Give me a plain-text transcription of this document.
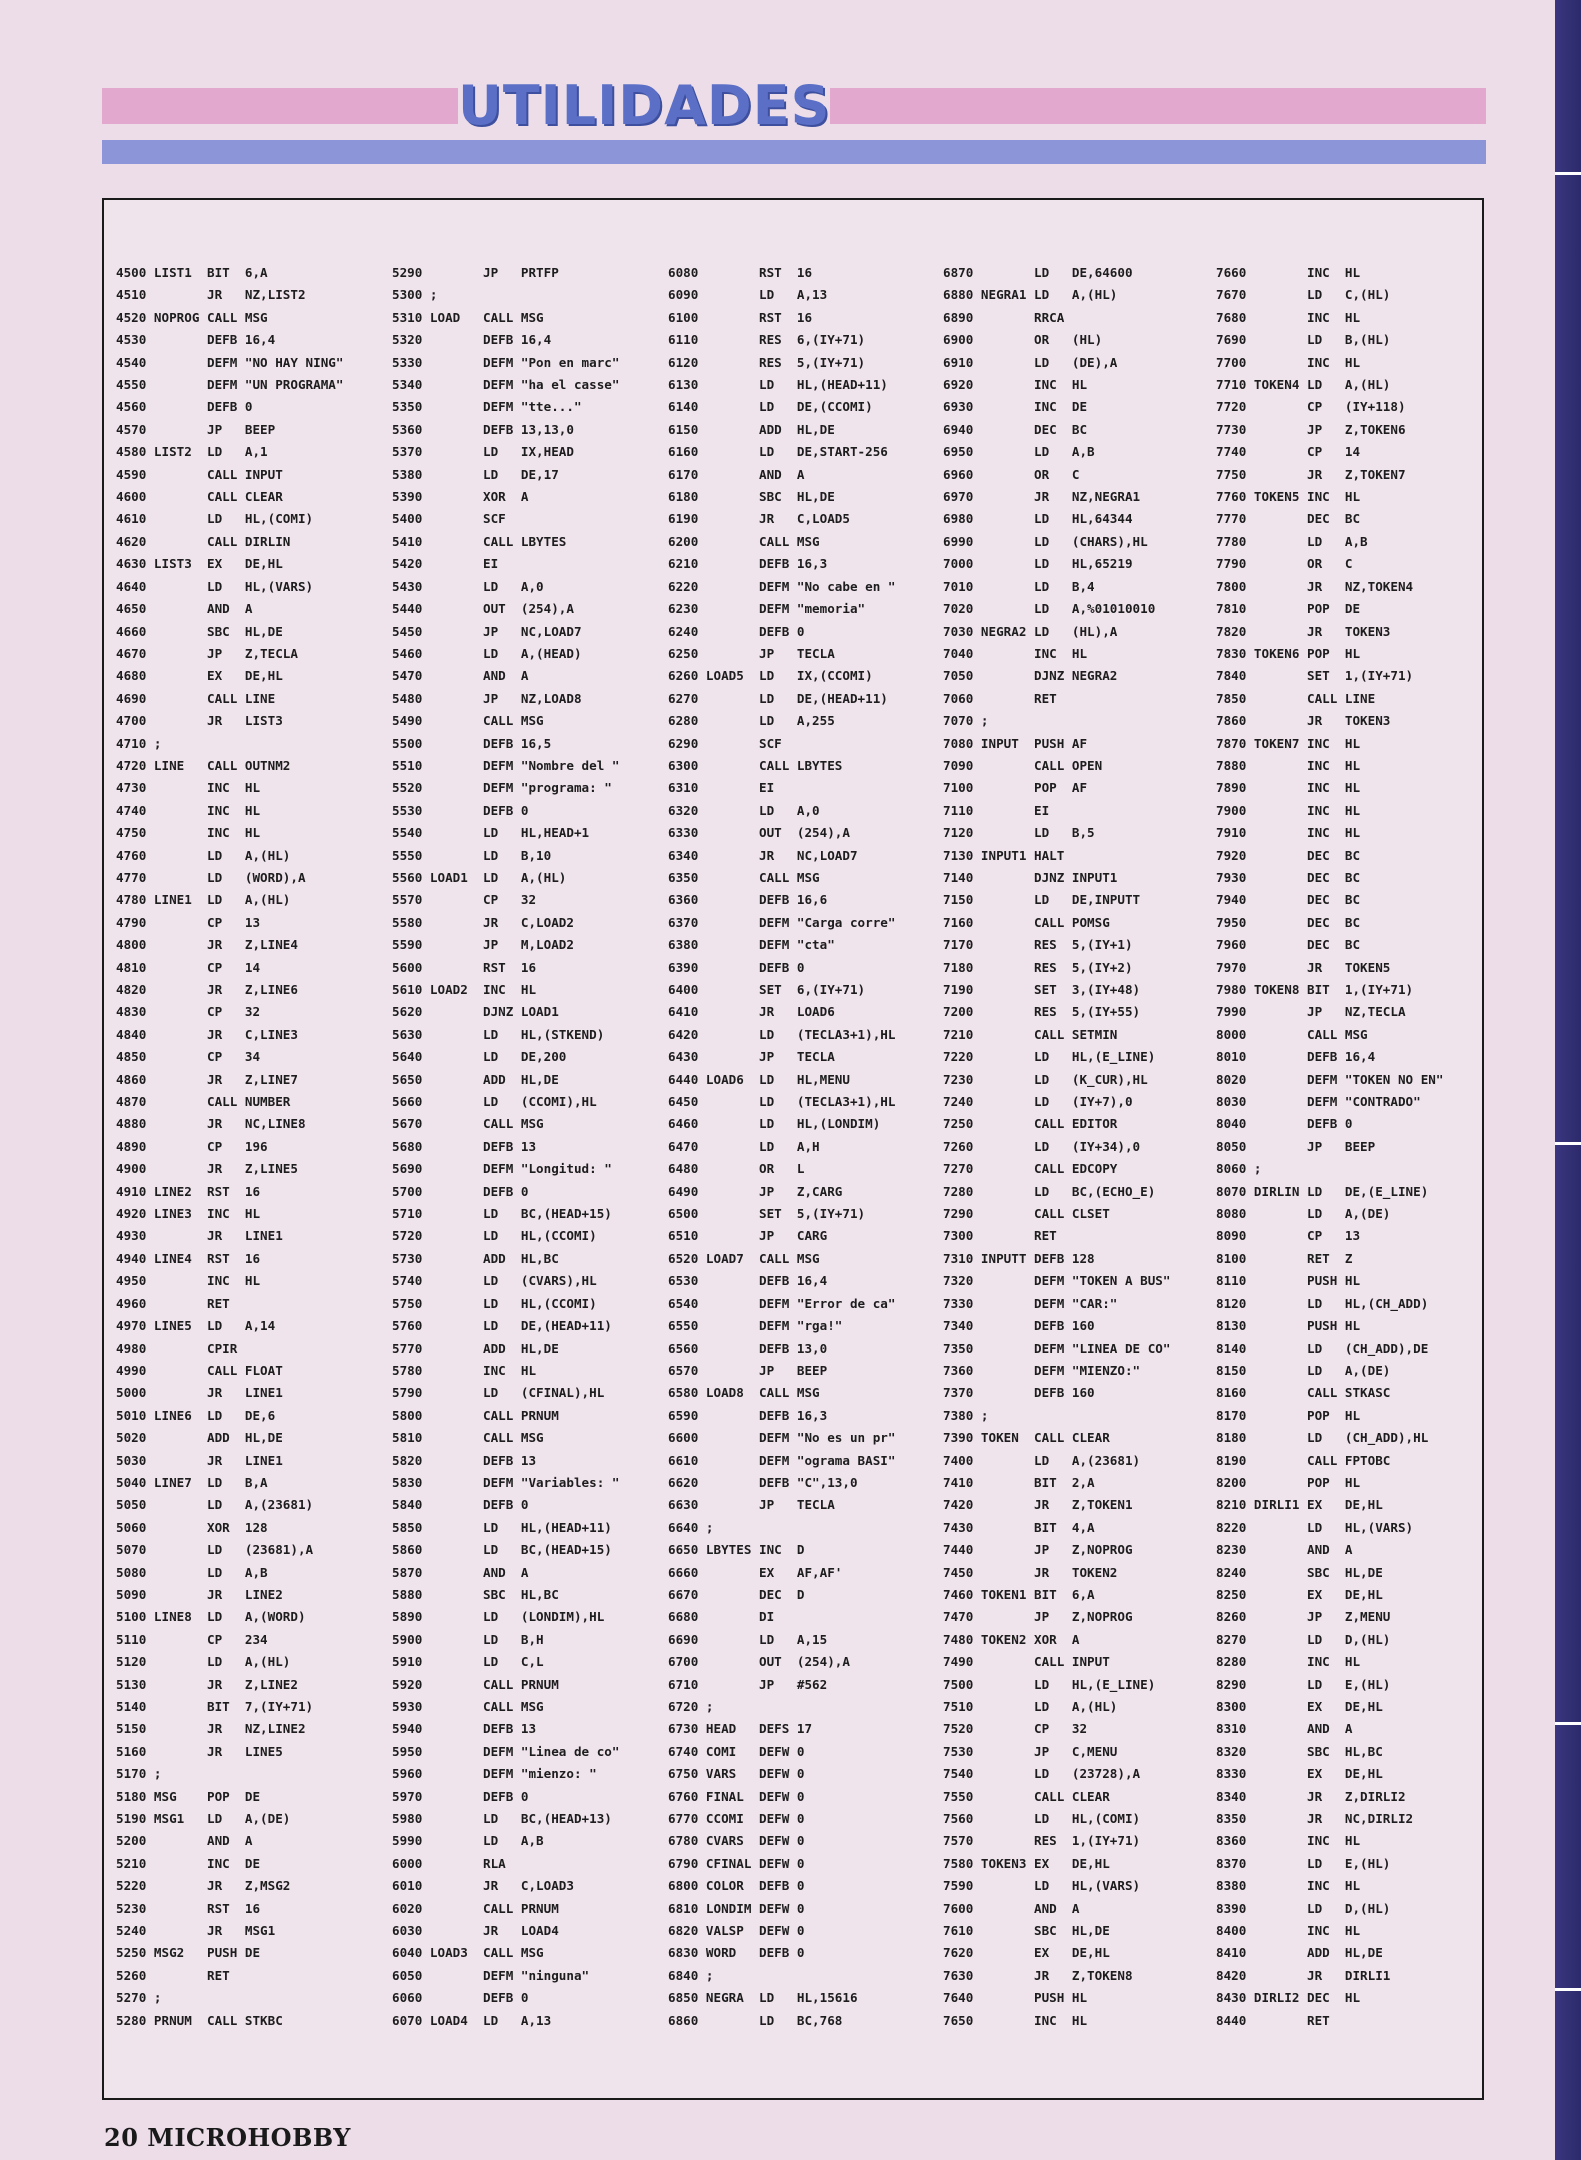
UTILIDADES
4500 LIST1  BIT  6,A
4510        JR   NZ,LIST2
4520 NOPROG CALL MSG
4530        DEFB 16,4
4540        DEFM "NO HAY NING"
4550        DEFM "UN PROGRAMA"
4560        DEFB 0
4570        JP   BEEP
4580 LIST2  LD   A,1
4590        CALL INPUT
4600        CALL CLEAR
4610        LD   HL,(COMI)
4620        CALL DIRLIN
4630 LIST3  EX   DE,HL
4640        LD   HL,(VARS)
4650        AND  A
4660        SBC  HL,DE
4670        JP   Z,TECLA
4680        EX   DE,HL
4690        CALL LINE
4700        JR   LIST3
4710 ;
4720 LINE   CALL OUTNM2
4730        INC  HL
4740        INC  HL
4750        INC  HL
4760        LD   A,(HL)
4770        LD   (WORD),A
4780 LINE1  LD   A,(HL)
4790        CP   13
4800        JR   Z,LINE4
4810        CP   14
4820        JR   Z,LINE6
4830        CP   32
4840        JR   C,LINE3
4850        CP   34
4860        JR   Z,LINE7
4870        CALL NUMBER
4880        JR   NC,LINE8
4890        CP   196
4900        JR   Z,LINE5
4910 LINE2  RST  16
4920 LINE3  INC  HL
4930        JR   LINE1
4940 LINE4  RST  16
4950        INC  HL
4960        RET
4970 LINE5  LD   A,14
4980        CPIR
4990        CALL FLOAT
5000        JR   LINE1
5010 LINE6  LD   DE,6
5020        ADD  HL,DE
5030        JR   LINE1
5040 LINE7  LD   B,A
5050        LD   A,(23681)
5060        XOR  128
5070        LD   (23681),A
5080        LD   A,B
5090        JR   LINE2
5100 LINE8  LD   A,(WORD)
5110        CP   234
5120        LD   A,(HL)
5130        JR   Z,LINE2
5140        BIT  7,(IY+71)
5150        JR   NZ,LINE2
5160        JR   LINE5
5170 ;
5180 MSG    POP  DE
5190 MSG1   LD   A,(DE)
5200        AND  A
5210        INC  DE
5220        JR   Z,MSG2
5230        RST  16
5240        JR   MSG1
5250 MSG2   PUSH DE
5260        RET
5270 ;
5280 PRNUM  CALL STKBC
5290        JP   PRTFP
5300 ;
5310 LOAD   CALL MSG
5320        DEFB 16,4
5330        DEFM "Pon en marc"
5340        DEFM "ha el casse"
5350        DEFM "tte..."
5360        DEFB 13,13,0
5370        LD   IX,HEAD
5380        LD   DE,17
5390        XOR  A
5400        SCF
5410        CALL LBYTES
5420        EI
5430        LD   A,0
5440        OUT  (254),A
5450        JP   NC,LOAD7
5460        LD   A,(HEAD)
5470        AND  A
5480        JP   NZ,LOAD8
5490        CALL MSG
5500        DEFB 16,5
5510        DEFM "Nombre del "
5520        DEFM "programa: "
5530        DEFB 0
5540        LD   HL,HEAD+1
5550        LD   B,10
5560 LOAD1  LD   A,(HL)
5570        CP   32
5580        JR   C,LOAD2
5590        JP   M,LOAD2
5600        RST  16
5610 LOAD2  INC  HL
5620        DJNZ LOAD1
5630        LD   HL,(STKEND)
5640        LD   DE,200
5650        ADD  HL,DE
5660        LD   (CCOMI),HL
5670        CALL MSG
5680        DEFB 13
5690        DEFM "Longitud: "
5700        DEFB 0
5710        LD   BC,(HEAD+15)
5720        LD   HL,(CCOMI)
5730        ADD  HL,BC
5740        LD   (CVARS),HL
5750        LD   HL,(CCOMI)
5760        LD   DE,(HEAD+11)
5770        ADD  HL,DE
5780        INC  HL
5790        LD   (CFINAL),HL
5800        CALL PRNUM
5810        CALL MSG
5820        DEFB 13
5830        DEFM "Variables: "
5840        DEFB 0
5850        LD   HL,(HEAD+11)
5860        LD   BC,(HEAD+15)
5870        AND  A
5880        SBC  HL,BC
5890        LD   (LONDIM),HL
5900        LD   B,H
5910        LD   C,L
5920        CALL PRNUM
5930        CALL MSG
5940        DEFB 13
5950        DEFM "Linea de co"
5960        DEFM "mienzo: "
5970        DEFB 0
5980        LD   BC,(HEAD+13)
5990        LD   A,B
6000        RLA
6010        JR   C,LOAD3
6020        CALL PRNUM
6030        JR   LOAD4
6040 LOAD3  CALL MSG
6050        DEFM "ninguna"
6060        DEFB 0
6070 LOAD4  LD   A,13
6080        RST  16
6090        LD   A,13
6100        RST  16
6110        RES  6,(IY+71)
6120        RES  5,(IY+71)
6130        LD   HL,(HEAD+11)
6140        LD   DE,(CCOMI)
6150        ADD  HL,DE
6160        LD   DE,START-256
6170        AND  A
6180        SBC  HL,DE
6190        JR   C,LOAD5
6200        CALL MSG
6210        DEFB 16,3
6220        DEFM "No cabe en "
6230        DEFM "memoria"
6240        DEFB 0
6250        JP   TECLA
6260 LOAD5  LD   IX,(CCOMI)
6270        LD   DE,(HEAD+11)
6280        LD   A,255
6290        SCF
6300        CALL LBYTES
6310        EI
6320        LD   A,0
6330        OUT  (254),A
6340        JR   NC,LOAD7
6350        CALL MSG
6360        DEFB 16,6
6370        DEFM "Carga corre"
6380        DEFM "cta"
6390        DEFB 0
6400        SET  6,(IY+71)
6410        JR   LOAD6
6420        LD   (TECLA3+1),HL
6430        JP   TECLA
6440 LOAD6  LD   HL,MENU
6450        LD   (TECLA3+1),HL
6460        LD   HL,(LONDIM)
6470        LD   A,H
6480        OR   L
6490        JP   Z,CARG
6500        SET  5,(IY+71)
6510        JP   CARG
6520 LOAD7  CALL MSG
6530        DEFB 16,4
6540        DEFM "Error de ca"
6550        DEFM "rga!"
6560        DEFB 13,0
6570        JP   BEEP
6580 LOAD8  CALL MSG
6590        DEFB 16,3
6600        DEFM "No es un pr"
6610        DEFM "ograma BASI"
6620        DEFB "C",13,0
6630        JP   TECLA
6640 ;
6650 LBYTES INC  D
6660        EX   AF,AF'
6670        DEC  D
6680        DI
6690        LD   A,15
6700        OUT  (254),A
6710        JP   #562
6720 ;
6730 HEAD   DEFS 17
6740 COMI   DEFW 0
6750 VARS   DEFW 0
6760 FINAL  DEFW 0
6770 CCOMI  DEFW 0
6780 CVARS  DEFW 0
6790 CFINAL DEFW 0
6800 COLOR  DEFB 0
6810 LONDIM DEFW 0
6820 VALSP  DEFW 0
6830 WORD   DEFB 0
6840 ;
6850 NEGRA  LD   HL,15616
6860        LD   BC,768
6870        LD   DE,64600
6880 NEGRA1 LD   A,(HL)
6890        RRCA
6900        OR   (HL)
6910        LD   (DE),A
6920        INC  HL
6930        INC  DE
6940        DEC  BC
6950        LD   A,B
6960        OR   C
6970        JR   NZ,NEGRA1
6980        LD   HL,64344
6990        LD   (CHARS),HL
7000        LD   HL,65219
7010        LD   B,4
7020        LD   A,%01010010
7030 NEGRA2 LD   (HL),A
7040        INC  HL
7050        DJNZ NEGRA2
7060        RET
7070 ;
7080 INPUT  PUSH AF
7090        CALL OPEN
7100        POP  AF
7110        EI
7120        LD   B,5
7130 INPUT1 HALT
7140        DJNZ INPUT1
7150        LD   DE,INPUTT
7160        CALL POMSG
7170        RES  5,(IY+1)
7180        RES  5,(IY+2)
7190        SET  3,(IY+48)
7200        RES  5,(IY+55)
7210        CALL SETMIN
7220        LD   HL,(E_LINE)
7230        LD   (K_CUR),HL
7240        LD   (IY+7),0
7250        CALL EDITOR
7260        LD   (IY+34),0
7270        CALL EDCOPY
7280        LD   BC,(ECHO_E)
7290        CALL CLSET
7300        RET
7310 INPUTT DEFB 128
7320        DEFM "TOKEN A BUS"
7330        DEFM "CAR:"
7340        DEFB 160
7350        DEFM "LINEA DE CO"
7360        DEFM "MIENZO:"
7370        DEFB 160
7380 ;
7390 TOKEN  CALL CLEAR
7400        LD   A,(23681)
7410        BIT  2,A
7420        JR   Z,TOKEN1
7430        BIT  4,A
7440        JP   Z,NOPROG
7450        JR   TOKEN2
7460 TOKEN1 BIT  6,A
7470        JP   Z,NOPROG
7480 TOKEN2 XOR  A
7490        CALL INPUT
7500        LD   HL,(E_LINE)
7510        LD   A,(HL)
7520        CP   32
7530        JP   C,MENU
7540        LD   (23728),A
7550        CALL CLEAR
7560        LD   HL,(COMI)
7570        RES  1,(IY+71)
7580 TOKEN3 EX   DE,HL
7590        LD   HL,(VARS)
7600        AND  A
7610        SBC  HL,DE
7620        EX   DE,HL
7630        JR   Z,TOKEN8
7640        PUSH HL
7650        INC  HL
7660        INC  HL
7670        LD   C,(HL)
7680        INC  HL
7690        LD   B,(HL)
7700        INC  HL
7710 TOKEN4 LD   A,(HL)
7720        CP   (IY+118)
7730        JP   Z,TOKEN6
7740        CP   14
7750        JR   Z,TOKEN7
7760 TOKEN5 INC  HL
7770        DEC  BC
7780        LD   A,B
7790        OR   C
7800        JR   NZ,TOKEN4
7810        POP  DE
7820        JR   TOKEN3
7830 TOKEN6 POP  HL
7840        SET  1,(IY+71)
7850        CALL LINE
7860        JR   TOKEN3
7870 TOKEN7 INC  HL
7880        INC  HL
7890        INC  HL
7900        INC  HL
7910        INC  HL
7920        DEC  BC
7930        DEC  BC
7940        DEC  BC
7950        DEC  BC
7960        DEC  BC
7970        JR   TOKEN5
7980 TOKEN8 BIT  1,(IY+71)
7990        JP   NZ,TECLA
8000        CALL MSG
8010        DEFB 16,4
8020        DEFM "TOKEN NO EN"
8030        DEFM "CONTRADO"
8040        DEFB 0
8050        JP   BEEP
8060 ;
8070 DIRLIN LD   DE,(E_LINE)
8080        LD   A,(DE)
8090        CP   13
8100        RET  Z
8110        PUSH HL
8120        LD   HL,(CH_ADD)
8130        PUSH HL
8140        LD   (CH_ADD),DE
8150        LD   A,(DE)
8160        CALL STKASC
8170        POP  HL
8180        LD   (CH_ADD),HL
8190        CALL FPTOBC
8200        POP  HL
8210 DIRLI1 EX   DE,HL
8220        LD   HL,(VARS)
8230        AND  A
8240        SBC  HL,DE
8250        EX   DE,HL
8260        JP   Z,MENU
8270        LD   D,(HL)
8280        INC  HL
8290        LD   E,(HL)
8300        EX   DE,HL
8310        AND  A
8320        SBC  HL,BC
8330        EX   DE,HL
8340        JR   Z,DIRLI2
8350        JR   NC,DIRLI2
8360        INC  HL
8370        LD   E,(HL)
8380        INC  HL
8390        LD   D,(HL)
8400        INC  HL
8410        ADD  HL,DE
8420        JR   DIRLI1
8430 DIRLI2 DEC  HL
8440        RET
20 MICROHOBBY
